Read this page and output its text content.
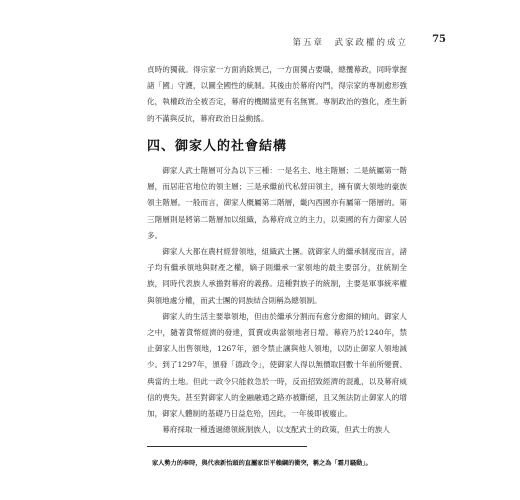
第五章　武家政權的成立 75

貞時的獨裁。得宗家一方面消除異己，一方面獨占要職，總攬幕政，同時掌握諸「國」守護，以圖全國性的統制。其後由於幕府內鬥，得宗家的專制愈形強化，執權政治全被否定，幕府的機關當更有名無實。專制政治的強化，產生新的不滿與反抗，幕府政治日益動搖。

四、御家人的社會結構

御家人武士階層可分為以下三種：一是名主、地主階層；二是統屬第一階層，而居莊官地位的領主層；三是承繼前代私營田領主，擁有廣大領地的豪族領主階層。一般而言，御家人概屬第二階層，畿內西國亦有屬第一階層的。第三階層則是將第二階層加以組織，為幕府成立的主力，以東國的有力御家人居多。

御家人大都在農村經營領地，組織武士團。就御家人的繼承制度而言，諸子均有繼承領地與財產之權，嫡子則繼承一家領地的最主要部分，並統制全族，同時代表族人承擔對幕府的義務。這種對族子的統制，主要是軍事統率權與領地處分權，而武士團的同族結合則稱為總領制。

御家人的生活主要靠領地，但由於繼承分割而有愈分愈細的傾向。御家人之中，隨著貨幣經濟的發達，質賣或典當領地者日增。幕府乃於1240年，禁止御家人出售領地，1267年，頒令禁止讓與他人領地，以防止御家人領地減少。到了1297年，頒發「德政令」，使御家人得以無價取回數十年前所變賣、典當的土地。但此一政令只能救急於一時，反而招致經濟的混亂，以及幕府威信的喪失。甚至對御家人的金融融通之路亦被斷絕，且又無法防止御家人的增加，御家人體制的基礎乃日益危殆，因此，一年後即被廢止。

幕府採取一種透過總領統制族人，以支配武士的政策，但武士的族人

家人勢力的奉時，與代表新怡頭的直屬家臣平賴綱的衝突，稱之為「霜月騷動」。
